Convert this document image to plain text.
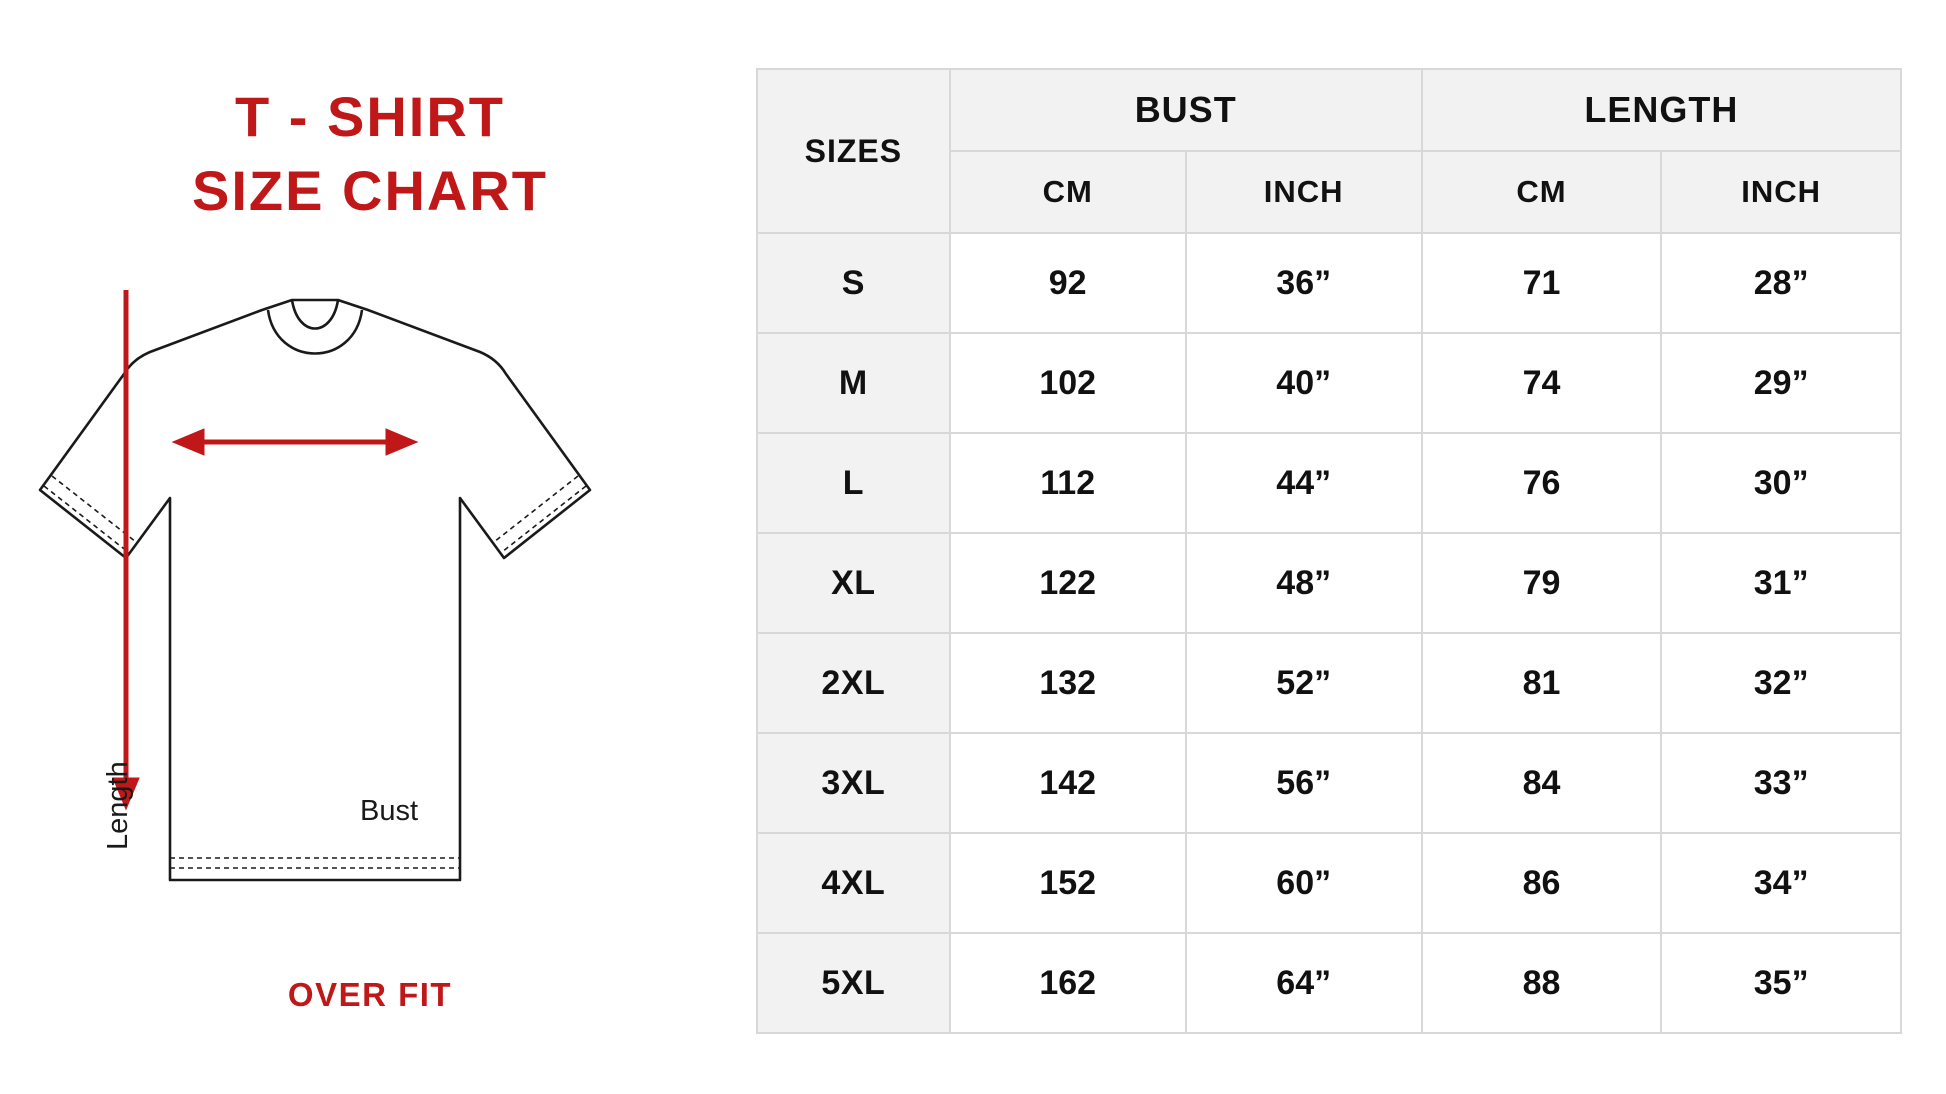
T - SHIRT
SIZE CHART
Bust
Length
OVER FIT
SIZES	BUST		LENGTH	
	CM	INCH	CM	INCH
S	92	36”	71	28”
M	102	40”	74	29”
L	112	44”	76	30”
XL	122	48”	79	31”
2XL	132	52”	81	32”
3XL	142	56”	84	33”
4XL	152	60”	86	34”
5XL	162	64”	88	35”
